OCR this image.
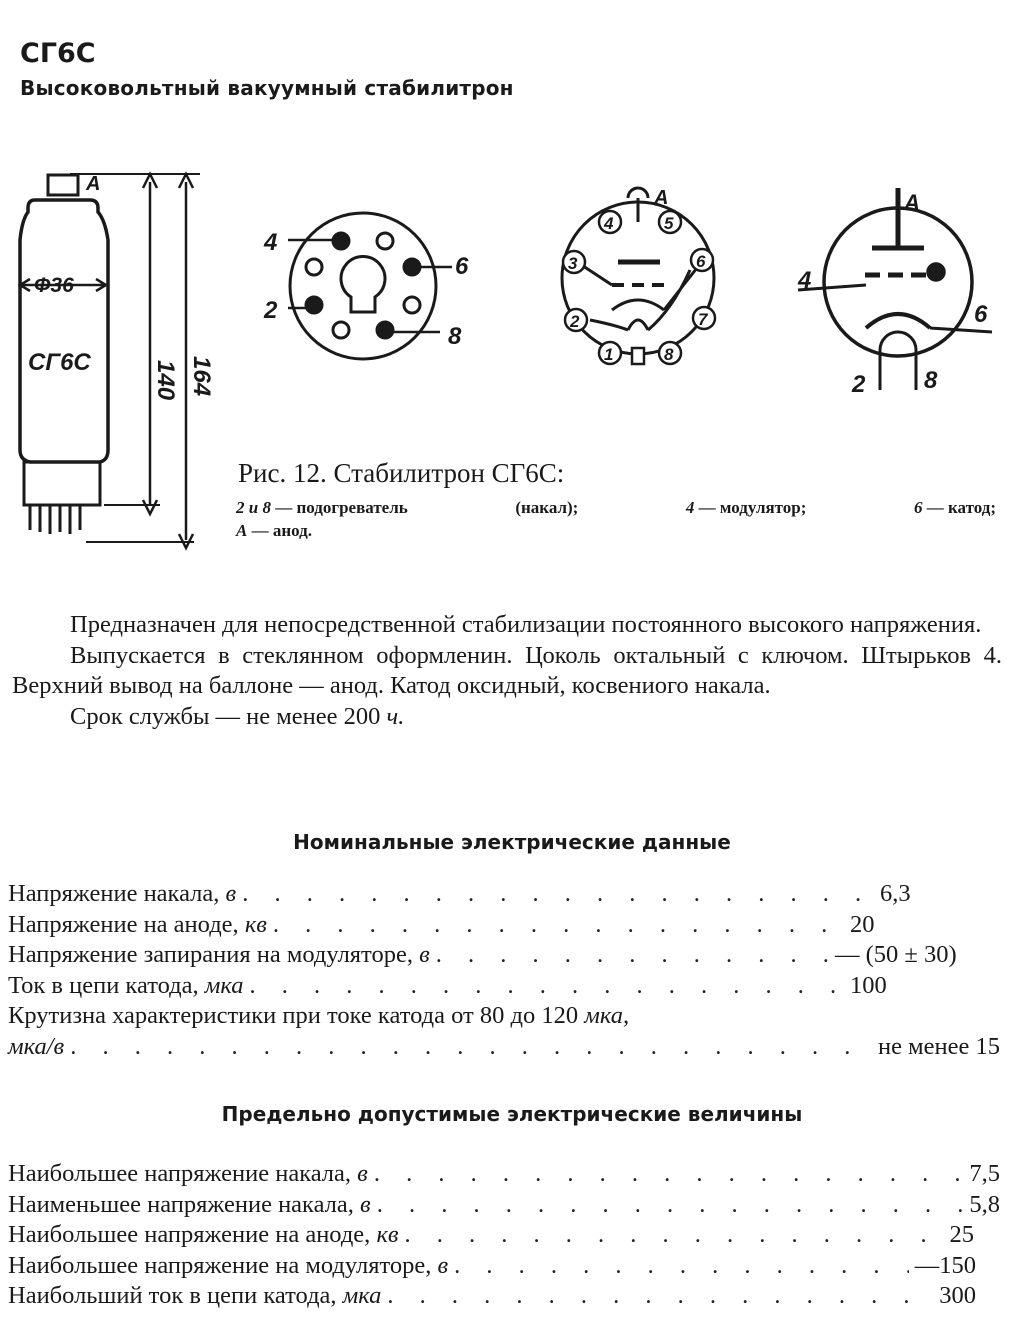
СГ6С
Высоковольтный вакуумный стабилитрон
А
Ф36
СГ6С	140 164
4
6
2
8
А
4	5
3	6
2	7
1	8
А
4
6
2 8
Рис. 12. Стабилитрон СГ6С:
2 и 8 — подогреватель	(накал);	4 — модулятор;	6 — катод;
А — анод.

Предназначен для непосредственной стабилизации постоянного высокого напряжения.

Выпускается в стеклянном оформленин. Цоколь октальный с ключом. Штырьков 4. Верхний вывод на баллоне — анод. Катод оксидный, косвениого накала.

Срок службы — не менее 200 ч.

Номинальные электрические данные
Напряжение накала, в . . .	6,3
Напряжение на аноде, кв . . .	20
Напряжение запирания на модуляторе, в . . .	— (50 ± 30)
Ток в цепи катода, мка . . .	100
Крутизна характеристики при токе катода от 80 до 120 мка,
мка/в . . .	не менее 15
Предельно допустимые электрические величины
Наибольшее напряжение накала, в . . .	7,5
Наименьшее напряжение накала, в . . .	5,8
Наибольшее напряжение на аноде, кв . . .	25
Наибольшее напряжение на модуляторе, в . . .	—150
Наибольший ток в цепи катода, мка . . .	300
